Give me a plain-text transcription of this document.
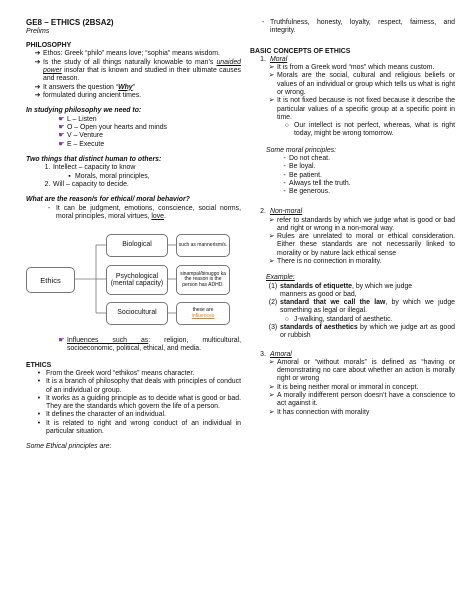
GE8 – ETHICS (2BSA2)

Prelims

PHILOSOPHY

➔ Ethos: Greek “philo” means love; “sophia” means wisdom.
➔ Is the study of all things naturally knowable to man’s unaided power insofar that is known and studied in their ultimate causes and reason.
➔ It answers the question “Why”
➔ formulated during ancient times.

In studying philosophy we need to:

☛ L – Listen
☛ O – Open your hearts and minds
☛ V – Venture
☛ E – Execute

Two things that distinct human to others:

1. Intellect – capacity to know
▪ Morals, moral principles,
2. Will – capacity to decide.

What are the reason/s for ethical/ moral behavior?

- It can be judgment, emotions, conscience, social norms, moral principles, moral virtues, love.
Ethics
Biological
Psychological (mental capacity)
Sociocultural
such as mannerism/s.
sinampal/binuggo ka the reason is the person has ADHD.
these are
influences
☛ Influences such as: religion, multicultural, socioeconomic, political, ethical, and media.

ETHICS

• From the Greek word “ethikos” means character.
• It is a branch of philosophy that deals with principles of conduct of an individual or group.
• It works as a guiding principle as to decide what is good or bad. They are the standards which govern the life of a person.
• It defines the character of an individual.
• It is related to right and wrong conduct of an individual in particular situation.

Some Ethical principles are:

- Truthfulness, honesty, loyalty, respect, fairness, and integrity.

BASIC CONCEPTS OF ETHICS

1. Moral
➢ It is from a Greek word “mos” which means custom.
➢ Morals are the social, cultural and religious beliefs or values of an individual or group which tells us what is right or wrong.
➢ It is not fixed because is not fixed because it describe the particular values of a specific group at a specific point in time.
○ Our intellect is not perfect, whereas, what is right today, might be wrong tomorrow.

Some moral principles:

- Do not cheat.
- Be loyal.
- Be patient.
- Always tell the truth.
- Be generous.
2. Non-moral
➢ refer to standards by which we judge what is good or bad and right or wrong in a non-moral way.
➢ Rules are unrelated to moral or ethical consideration. Either these standards are not necessarily linked to morality or by nature lack ethical sense
➢ There is no connection in morality.

Example:

(1) standards of etiquette, by which we judge

manners as good or bad,

(2) standard that we call the law, by which we judge something as legal or illegal.
○ J-walking, standard of aesthetic.
(3) standards of aesthetics by which we judge art as good or rubbish
3. Amoral
➢ Amoral or “without morals” is defined as “having or demonstrating no care about whether an action is morally right or wrong
➢ It is being neither moral or immoral in concept.
➢ A morally indifferent person doesn’t have a conscience to act against it.
➢ It has connection with morality
